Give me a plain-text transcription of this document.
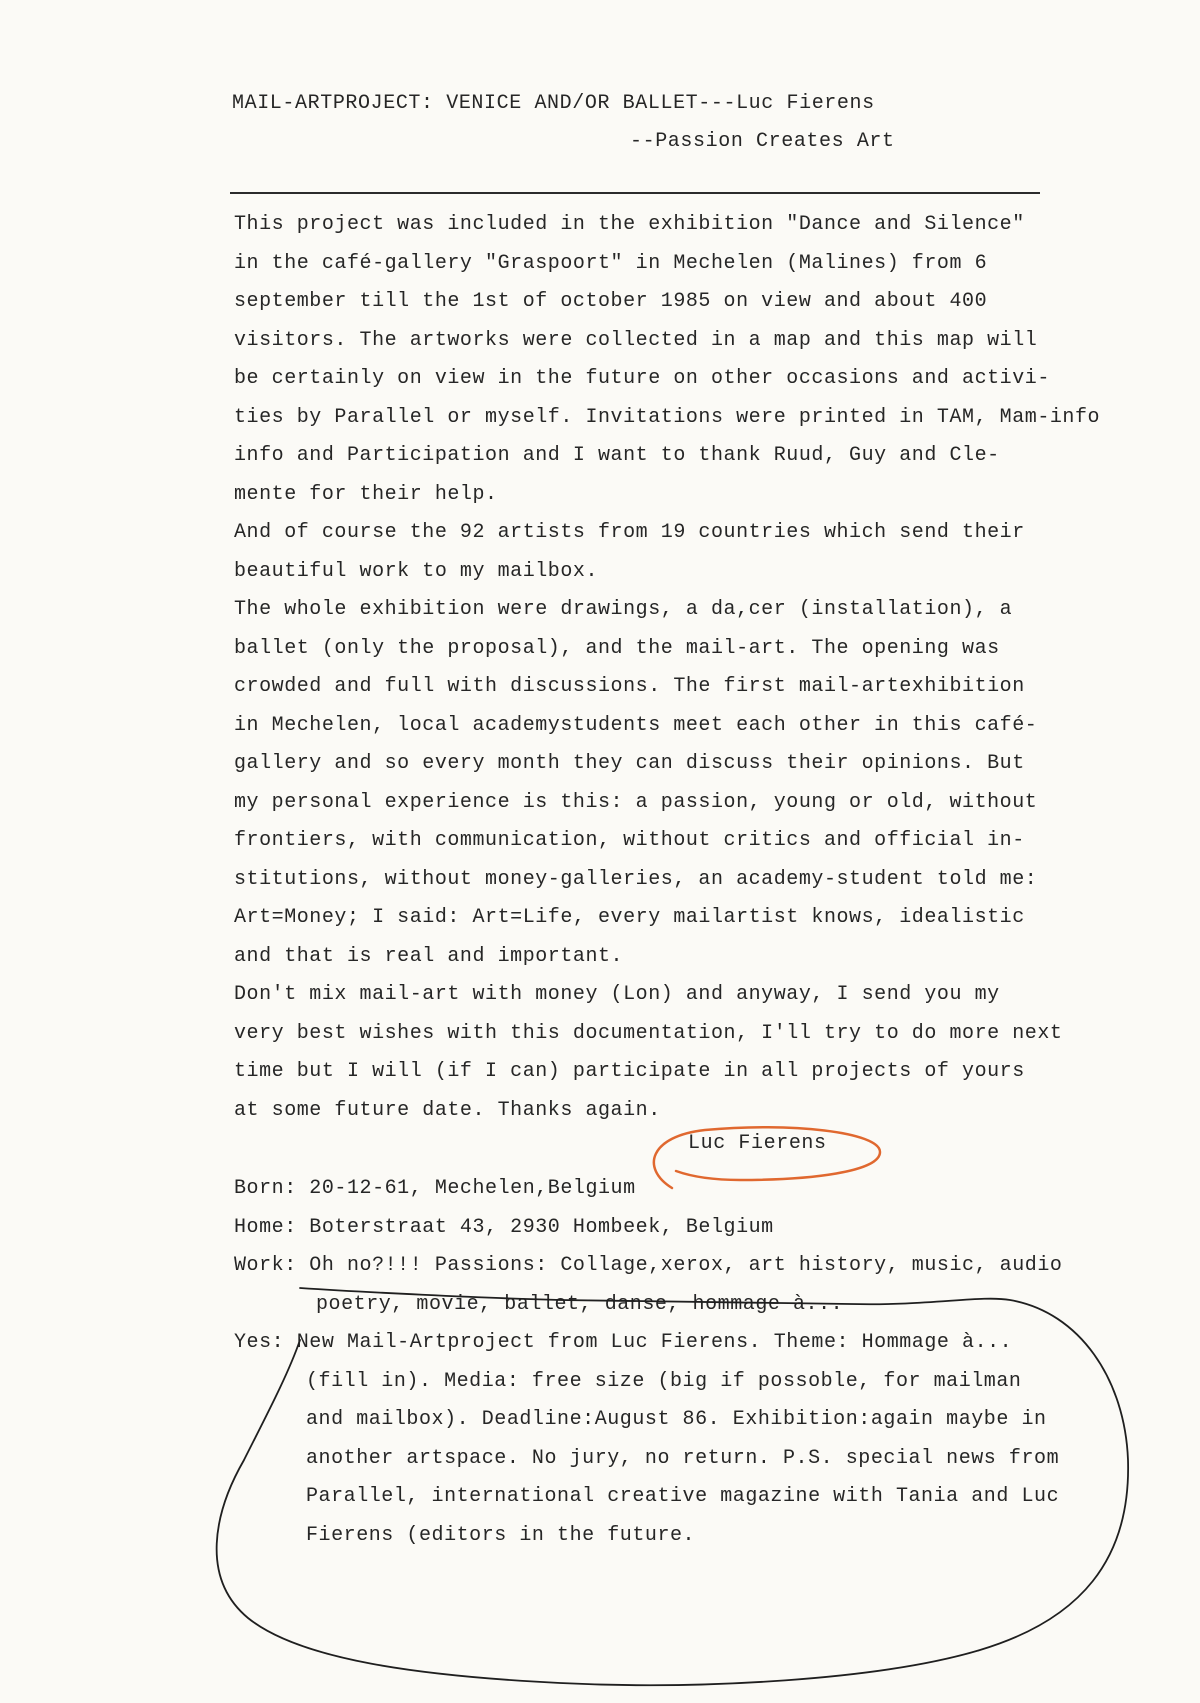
MAIL-ARTPROJECT: VENICE AND/OR BALLET---Luc Fierens
--Passion Creates Art
This project was included in the exhibition "Dance and Silence"
in the café-gallery "Graspoort" in Mechelen (Malines) from 6
september till the 1st of october 1985 on view and about 400
visitors. The artworks were collected in a map and this map will
be certainly on view in the future on other occasions and activi-
ties by Parallel or myself. Invitations were printed in TAM, Mam-info
info and Participation and I want to thank Ruud, Guy and Cle-
mente for their help.
And of course the 92 artists from 19 countries which send their
beautiful work to my mailbox.
The whole exhibition were drawings, a da,cer (installation), a
ballet (only the proposal), and the mail-art. The opening was
crowded and full with discussions. The first mail-artexhibition
in Mechelen, local academystudents meet each other in this café-
gallery and so every month they can discuss their opinions. But
my personal experience is this: a passion, young or old, without
frontiers, with communication, without critics and official in-
stitutions, without money-galleries, an academy-student told me:
Art=Money; I said: Art=Life, every mailartist knows, idealistic
and that is real and important.
Don't mix mail-art with money (Lon) and anyway, I send you my
very best wishes with this documentation, I'll try to do more next
time but I will (if I can) participate in all projects of yours
at some future date. Thanks again.
Luc Fierens
Born: 20-12-61, Mechelen,Belgium
Home: Boterstraat 43, 2930 Hombeek, Belgium
Work: Oh no?!!! Passions: Collage,xerox, art history, music, audio
poetry, movie, ballet, danse, hommage à...
Yes: New Mail-Artproject from Luc Fierens. Theme: Hommage à...
(fill in). Media: free size (big if possoble, for mailman
and mailbox). Deadline:August 86. Exhibition:again maybe in
another artspace. No jury, no return. P.S. special news from
Parallel, international creative magazine with Tania and Luc
Fierens (editors in the future.
